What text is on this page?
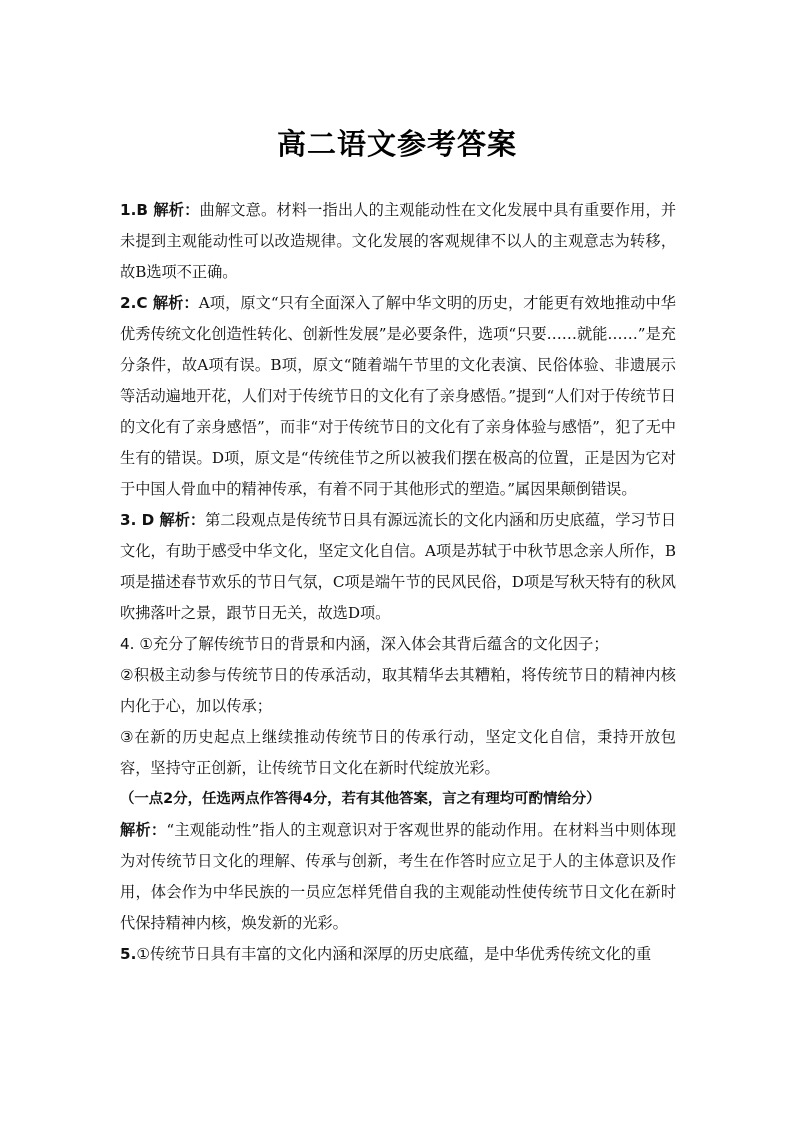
高二语文参考答案

1.B 解析：曲解文意。材料一指出人的主观能动性在文化发展中具有重要作用，并未提到主观能动性可以改造规律。文化发展的客观规律不以人的主观意志为转移，故B选项不正确。

2.C 解析：A项，原文“只有全面深入了解中华文明的历史，才能更有效地推动中华优秀传统文化创造性转化、创新性发展”是必要条件，选项“只要……就能……”是充分条件，故A项有误。B项，原文“随着端午节里的文化表演、民俗体验、非遗展示等活动遍地开花，人们对于传统节日的文化有了亲身感悟。”提到“人们对于传统节日的文化有了亲身感悟”，而非“对于传统节日的文化有了亲身体验与感悟”，犯了无中生有的错误。D项，原文是“传统佳节之所以被我们摆在极高的位置，正是因为它对于中国人骨血中的精神传承，有着不同于其他形式的塑造。”属因果颠倒错误。

3. D 解析：第二段观点是传统节日具有源远流长的文化内涵和历史底蕴，学习节日文化，有助于感受中华文化，坚定文化自信。A项是苏轼于中秋节思念亲人所作，B项是描述春节欢乐的节日气氛，C项是端午节的民风民俗，D项是写秋天特有的秋风吹拂落叶之景，跟节日无关，故选D项。

4. ①充分了解传统节日的背景和内涵，深入体会其背后蕴含的文化因子；

②积极主动参与传统节日的传承活动，取其精华去其糟粕，将传统节日的精神内核内化于心，加以传承；

③在新的历史起点上继续推动传统节日的传承行动，坚定文化自信，秉持开放包容，坚持守正创新，让传统节日文化在新时代绽放光彩。

（一点2分，任选两点作答得4分，若有其他答案，言之有理均可酌情给分）

解析：“主观能动性”指人的主观意识对于客观世界的能动作用。在材料当中则体现为对传统节日文化的理解、传承与创新，考生在作答时应立足于人的主体意识及作用，体会作为中华民族的一员应怎样凭借自我的主观能动性使传统节日文化在新时代保持精神内核，焕发新的光彩。

5.①传统节日具有丰富的文化内涵和深厚的历史底蕴，是中华优秀传统文化的重
